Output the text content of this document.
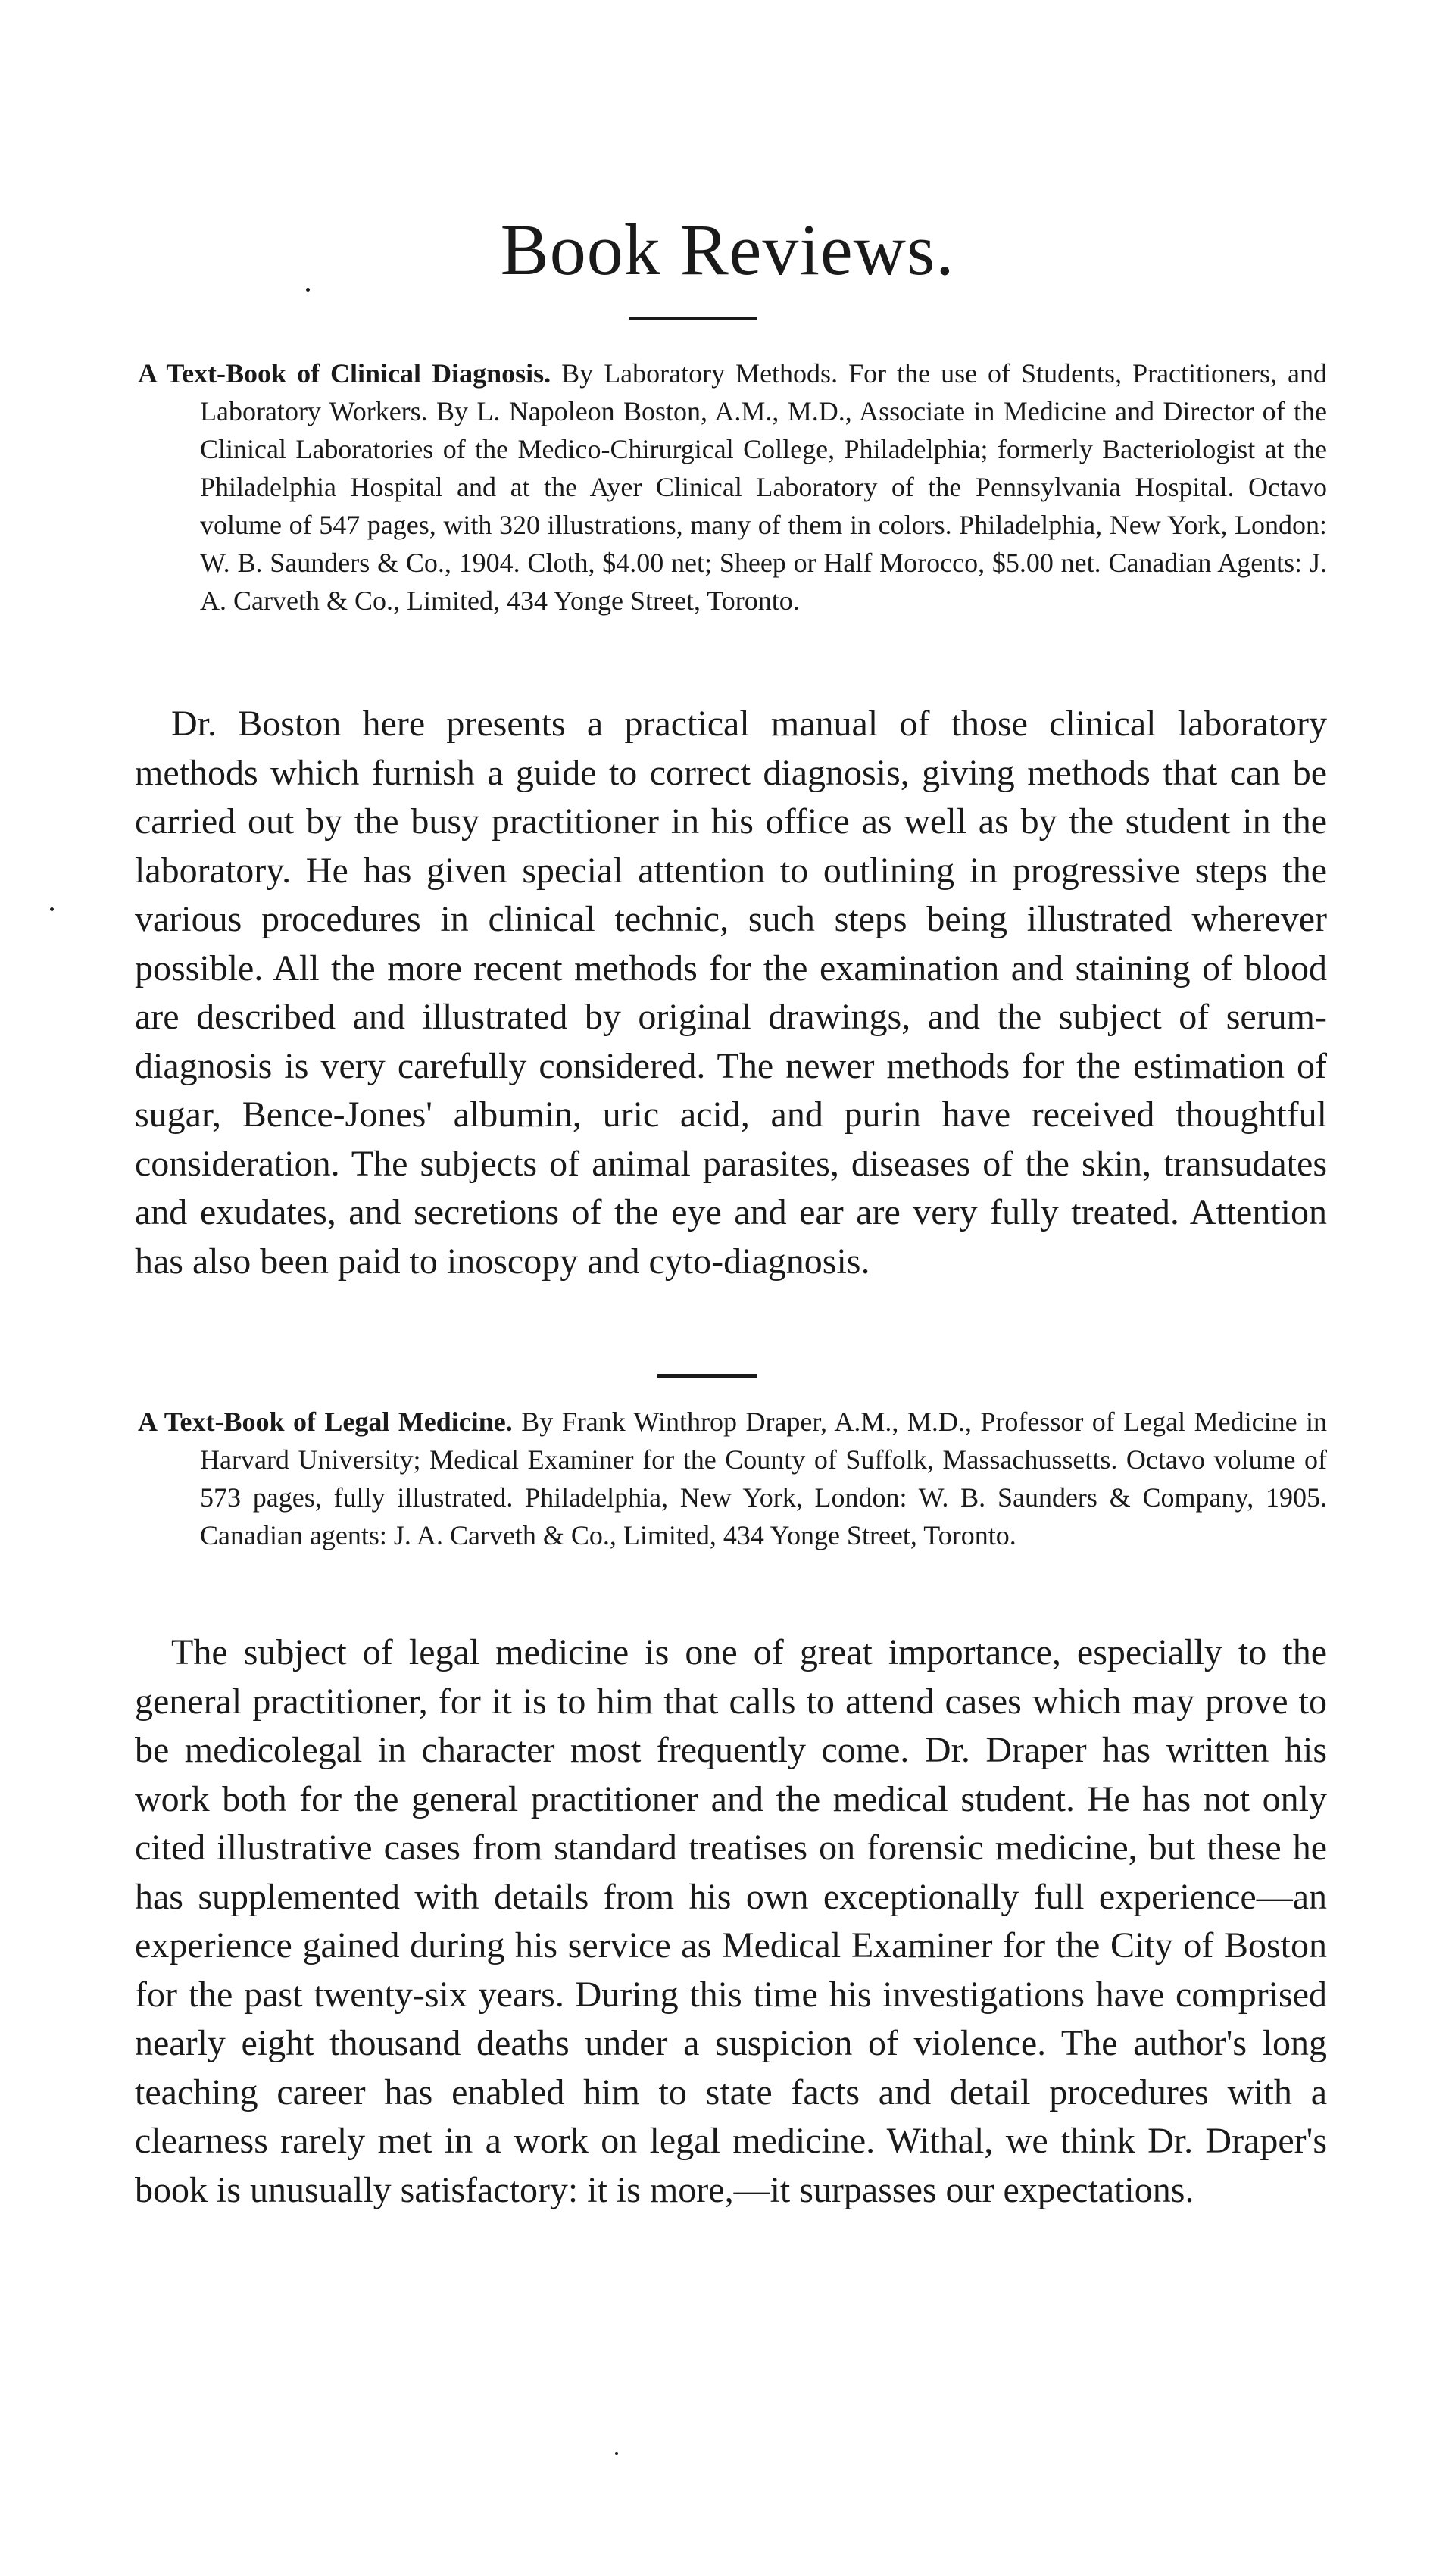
Book Reviews.

A Text-Book of Clinical Diagnosis. By Laboratory Methods. For the use of Students, Practitioners, and Laboratory Workers. By L. Napoleon Boston, A.M., M.D., Associate in Medicine and Director of the Clinical Laboratories of the Medico-Chirurgical College, Philadelphia; formerly Bacteriologist at the Philadelphia Hospital and at the Ayer Clinical Laboratory of the Pennsylvania Hospital. Octavo volume of 547 pages, with 320 illustrations, many of them in colors. Philadelphia, New York, London: W. B. Saunders & Co., 1904. Cloth, $4.00 net; Sheep or Half Morocco, $5.00 net. Canadian Agents: J. A. Carveth & Co., Limited, 434 Yonge Street, Toronto.

Dr. Boston here presents a practical manual of those clinical laboratory methods which furnish a guide to correct diagnosis, giving methods that can be carried out by the busy practitioner in his office as well as by the student in the laboratory. He has given special attention to outlining in progressive steps the various procedures in clinical technic, such steps being illustrated wherever possible. All the more recent methods for the examination and staining of blood are described and illustrated by original drawings, and the subject of serum-diagnosis is very carefully considered. The newer methods for the estimation of sugar, Bence-Jones' albumin, uric acid, and purin have received thoughtful consideration. The subjects of animal parasites, diseases of the skin, transudates and exudates, and secretions of the eye and ear are very fully treated. Attention has also been paid to inoscopy and cyto-diagnosis.

A Text-Book of Legal Medicine. By Frank Winthrop Draper, A.M., M.D., Professor of Legal Medicine in Harvard University; Medical Examiner for the County of Suffolk, Massachussetts. Octavo volume of 573 pages, fully illustrated. Philadelphia, New York, London: W. B. Saunders & Company, 1905. Canadian agents: J. A. Carveth & Co., Limited, 434 Yonge Street, Toronto.

The subject of legal medicine is one of great importance, especially to the general practitioner, for it is to him that calls to attend cases which may prove to be medicolegal in character most frequently come. Dr. Draper has written his work both for the general practitioner and the medical student. He has not only cited illustrative cases from standard treatises on forensic medicine, but these he has supplemented with details from his own exceptionally full experience—an experience gained during his service as Medical Examiner for the City of Boston for the past twenty-six years. During this time his investigations have comprised nearly eight thousand deaths under a suspicion of violence. The author's long teaching career has enabled him to state facts and detail procedures with a clearness rarely met in a work on legal medicine. Withal, we think Dr. Draper's book is unusually satisfactory: it is more,—it surpasses our expectations.
